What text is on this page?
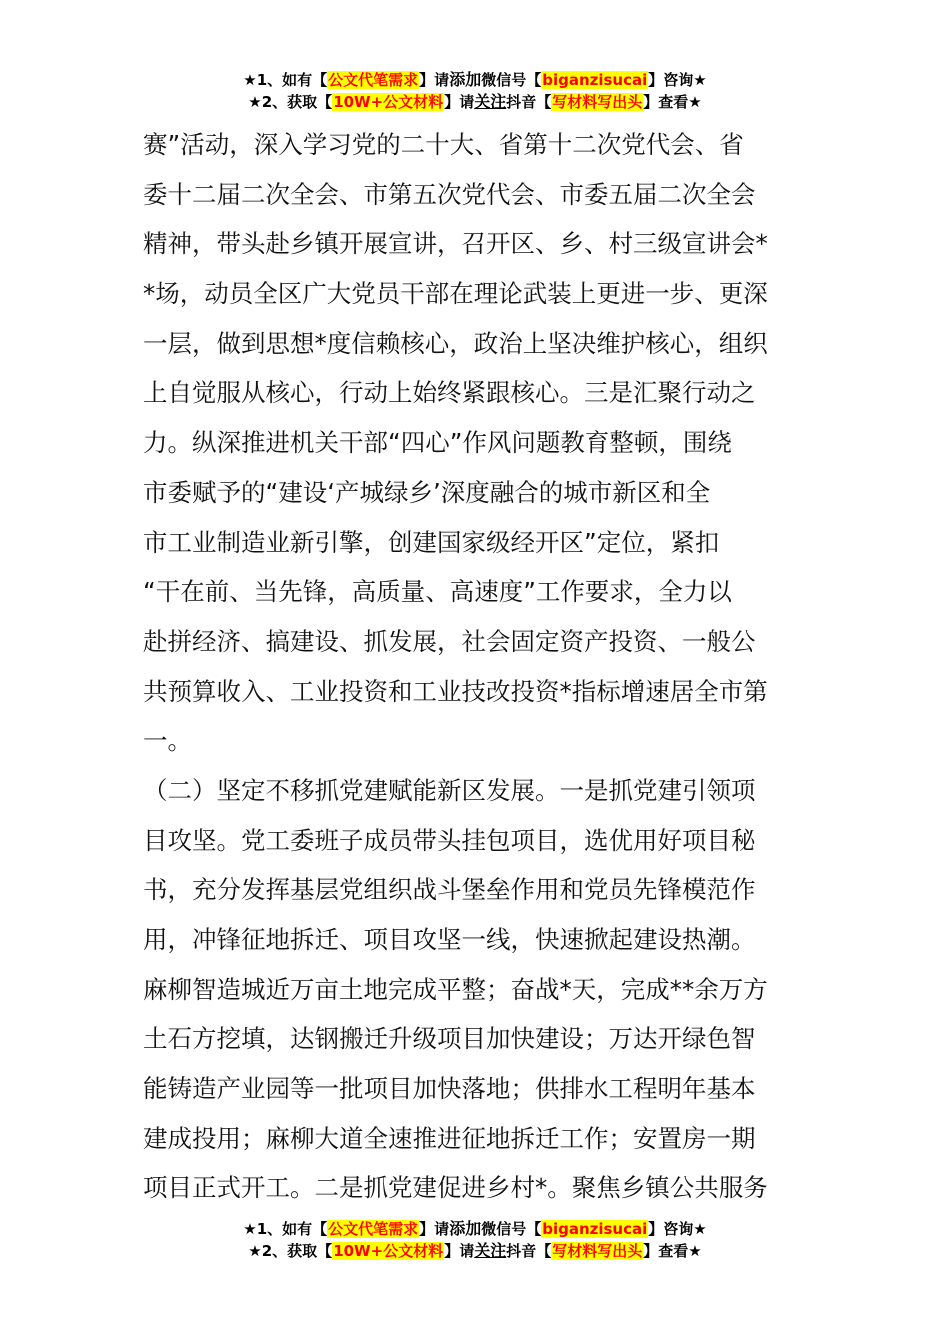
★1、如有【公文代笔需求】请添加微信号【biganzisucai】咨询★
★2、获取【10W+公文材料】请关注抖音【写材料写出头】查看★
赛”活动，深入学习党的二十大、省第十二次党代会、省
委十二届二次全会、市第五次党代会、市委五届二次全会
精神，带头赴乡镇开展宣讲，召开区、乡、村三级宣讲会*
*场，动员全区广大党员干部在理论武装上更进一步、更深
一层，做到思想*度信赖核心，政治上坚决维护核心，组织
上自觉服从核心，行动上始终紧跟核心。三是汇聚行动之
力。纵深推进机关干部“四心”作风问题教育整顿，围绕
市委赋予的“建设‘产城绿乡’深度融合的城市新区和全
市工业制造业新引擎，创建国家级经开区”定位，紧扣
“干在前、当先锋，高质量、高速度”工作要求，全力以
赴拼经济、搞建设、抓发展，社会固定资产投资、一般公
共预算收入、工业投资和工业技改投资*指标增速居全市第
一。
（二）坚定不移抓党建赋能新区发展。一是抓党建引领项
目攻坚。党工委班子成员带头挂包项目，选优用好项目秘
书，充分发挥基层党组织战斗堡垒作用和党员先锋模范作
用，冲锋征地拆迁、项目攻坚一线，快速掀起建设热潮。
麻柳智造城近万亩土地完成平整；奋战*天，完成**余万方
土石方挖填，达钢搬迁升级项目加快建设；万达开绿色智
能铸造产业园等一批项目加快落地；供排水工程明年基本
建成投用；麻柳大道全速推进征地拆迁工作；安置房一期
项目正式开工。二是抓党建促进乡村*。聚焦乡镇公共服务
★1、如有【公文代笔需求】请添加微信号【biganzisucai】咨询★
★2、获取【10W+公文材料】请关注抖音【写材料写出头】查看★
